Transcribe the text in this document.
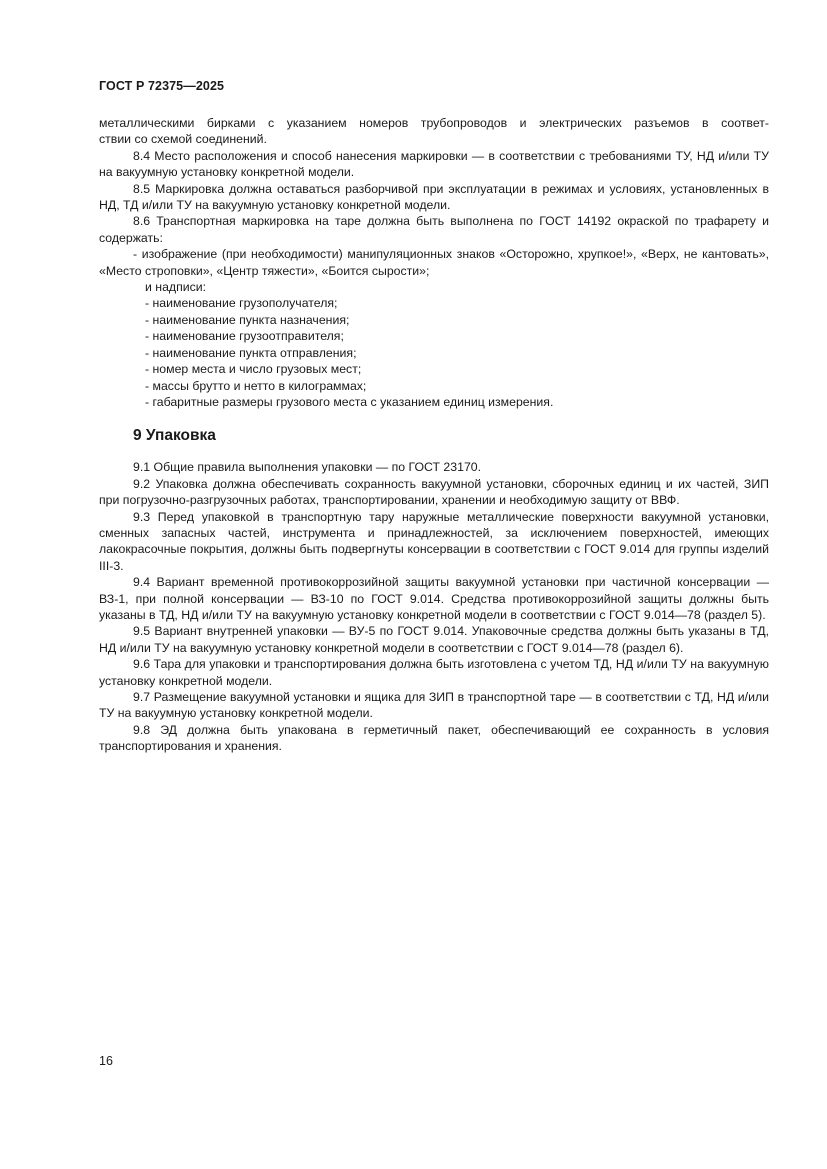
ГОСТ Р 72375—2025

металлическими бирками с указанием номеров трубопроводов и электрических разъемов в соответ-

ствии со схемой соединений.

8.4 Место расположения и способ нанесения маркировки — в соответствии с требованиями ТУ, НД и/или ТУ на вакуумную установку конкретной модели.

8.5 Маркировка должна оставаться разборчивой при эксплуатации в режимах и условиях, установленных в НД, ТД и/или ТУ на вакуумную установку конкретной модели.

8.6 Транспортная маркировка на таре должна быть выполнена по ГОСТ 14192 окраской по трафарету и содержать:

- изображение (при необходимости) манипуляционных знаков «Осторожно, хрупкое!», «Верх, не кантовать», «Место строповки», «Центр тяжести», «Боится сырости»;

и надписи:

- наименование грузополучателя;

- наименование пункта назначения;

- наименование грузоотправителя;

- наименование пункта отправления;

- номер места и число грузовых мест;

- массы брутто и нетто в килограммах;

- габаритные размеры грузового места с указанием единиц измерения.

9 Упаковка

9.1 Общие правила выполнения упаковки — по ГОСТ 23170.

9.2 Упаковка должна обеспечивать сохранность вакуумной установки, сборочных единиц и их частей, ЗИП при погрузочно-разгрузочных работах, транспортировании, хранении и необходимую защиту от ВВФ.

9.3 Перед упаковкой в транспортную тару наружные металлические поверхности вакуумной установки, сменных запасных частей, инструмента и принадлежностей, за исключением поверхностей, имеющих лакокрасочные покрытия, должны быть подвергнуты консервации в соответствии с ГОСТ 9.014 для группы изделий III-3.

9.4 Вариант временной противокоррозийной защиты вакуумной установки при частичной консервации — ВЗ-1, при полной консервации — ВЗ-10 по ГОСТ 9.014. Средства противокоррозийной защиты должны быть указаны в ТД, НД и/или ТУ на вакуумную установку конкретной модели в соответствии с ГОСТ 9.014—78 (раздел 5).

9.5 Вариант внутренней упаковки — ВУ-5 по ГОСТ 9.014. Упаковочные средства должны быть указаны в ТД, НД и/или ТУ на вакуумную установку конкретной модели в соответствии с ГОСТ 9.014—78 (раздел 6).

9.6 Тара для упаковки и транспортирования должна быть изготовлена с учетом ТД, НД и/или ТУ на вакуумную установку конкретной модели.

9.7 Размещение вакуумной установки и ящика для ЗИП в транспортной таре — в соответствии с ТД, НД и/или ТУ на вакуумную установку конкретной модели.

9.8 ЭД должна быть упакована в герметичный пакет, обеспечивающий ее сохранность в условия транспортирования и хранения.

16
